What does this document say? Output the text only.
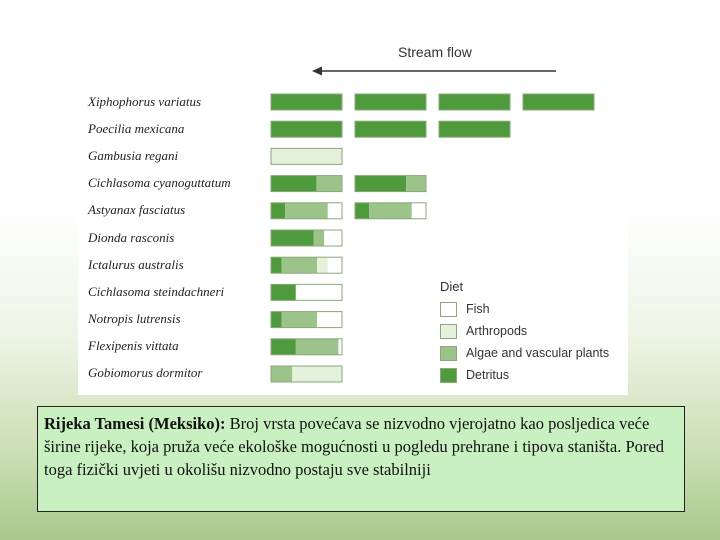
Stream flow
Xiphophorus variatus
Poecilia mexicana
Gambusia regani
Cichlasoma cyanoguttatum
Astyanax fasciatus
Dionda rasconis
Ictalurus australis
Cichlasoma steindachneri
Notropis lutrensis
Flexipenis vittata
Gobiomorus dormitor
Diet
Fish
Arthropods
Algae and vascular plants
Detritus
Rijeka Tamesi (Meksiko): Broj vrsta povećava se nizvodno vjerojatno kao posljedica veće širine rijeke, koja pruža veće ekološke mogućnosti u pogledu prehrane i tipova staništa. Pored toga fizički uvjeti u okolišu nizvodno postaju sve stabilniji
